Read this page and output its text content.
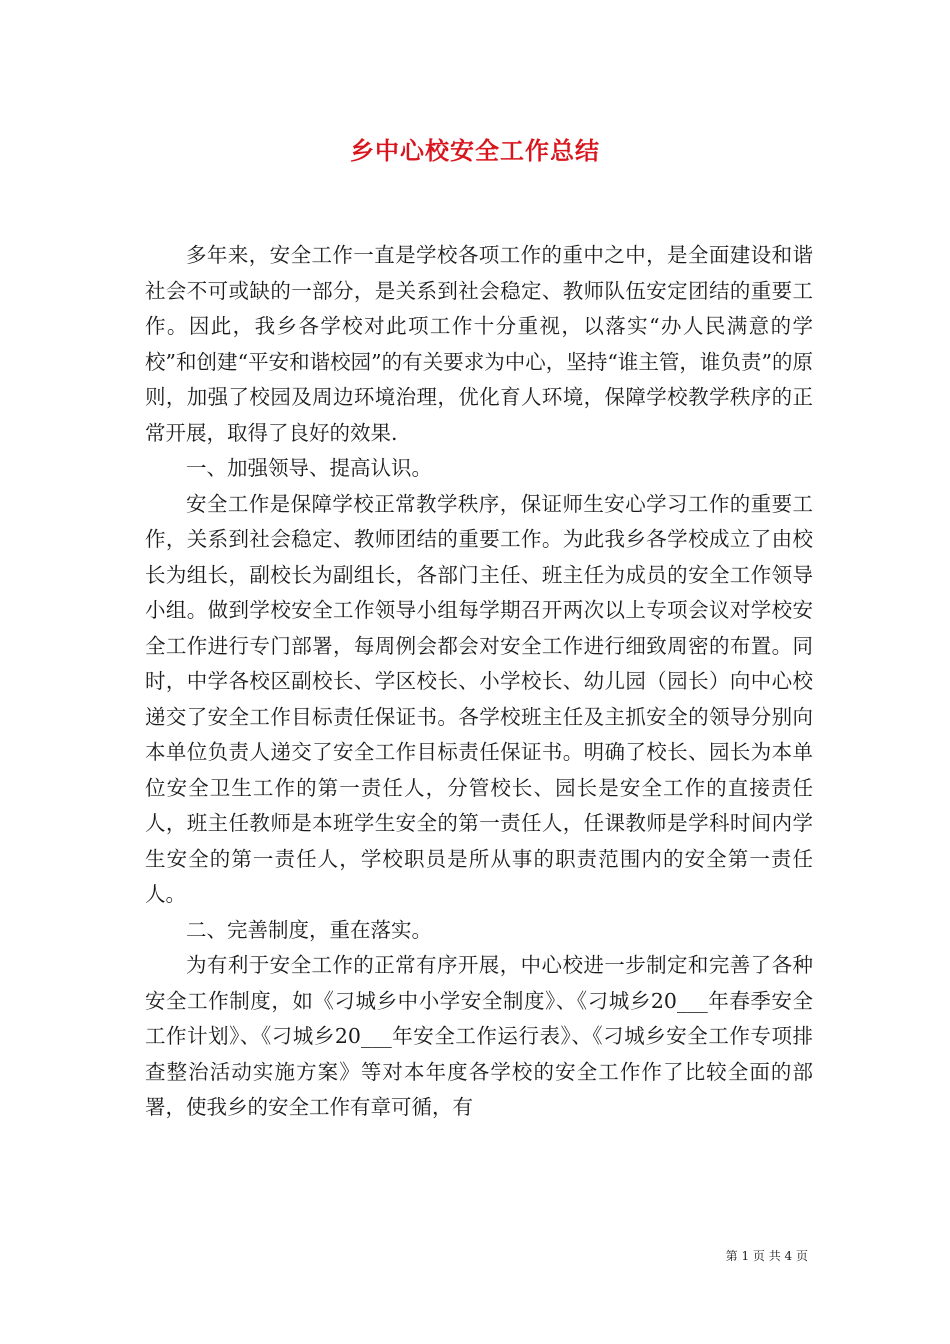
乡中心校安全工作总结

多年来，安全工作一直是学校各项工作的重中之中，是全面建设和谐社会不可或缺的一部分，是关系到社会稳定、教师队伍安定团结的重要工作。因此，我乡各学校对此项工作十分重视，以落实“办人民满意的学校”和创建“平安和谐校园”的有关要求为中心，坚持“谁主管，谁负责”的原则，加强了校园及周边环境治理，优化育人环境，保障学校教学秩序的正常开展，取得了良好的效果.

一、加强领导、提高认识。

安全工作是保障学校正常教学秩序，保证师生安心学习工作的重要工作，关系到社会稳定、教师团结的重要工作。为此我乡各学校成立了由校长为组长，副校长为副组长，各部门主任、班主任为成员的安全工作领导小组。做到学校安全工作领导小组每学期召开两次以上专项会议对学校安全工作进行专门部署，每周例会都会对安全工作进行细致周密的布置。同时，中学各校区副校长、学区校长、小学校长、幼儿园（园长）向中心校递交了安全工作目标责任保证书。各学校班主任及主抓安全的领导分别向本单位负责人递交了安全工作目标责任保证书。明确了校长、园长为本单位安全卫生工作的第一责任人，分管校长、园长是安全工作的直接责任人，班主任教师是本班学生安全的第一责任人，任课教师是学科时间内学生安全的第一责任人，学校职员是所从事的职责范围内的安全第一责任人。

二、完善制度，重在落实。

为有利于安全工作的正常有序开展，中心校进一步制定和完善了各种安全工作制度，如《刁城乡中小学安全制度》、《刁城乡20___年春季安全工作计划》、《刁城乡20___年安全工作运行表》、《刁城乡安全工作专项排查整治活动实施方案》等对本年度各学校的安全工作作了比较全面的部署，使我乡的安全工作有章可循，有

第 1 页 共 4 页
